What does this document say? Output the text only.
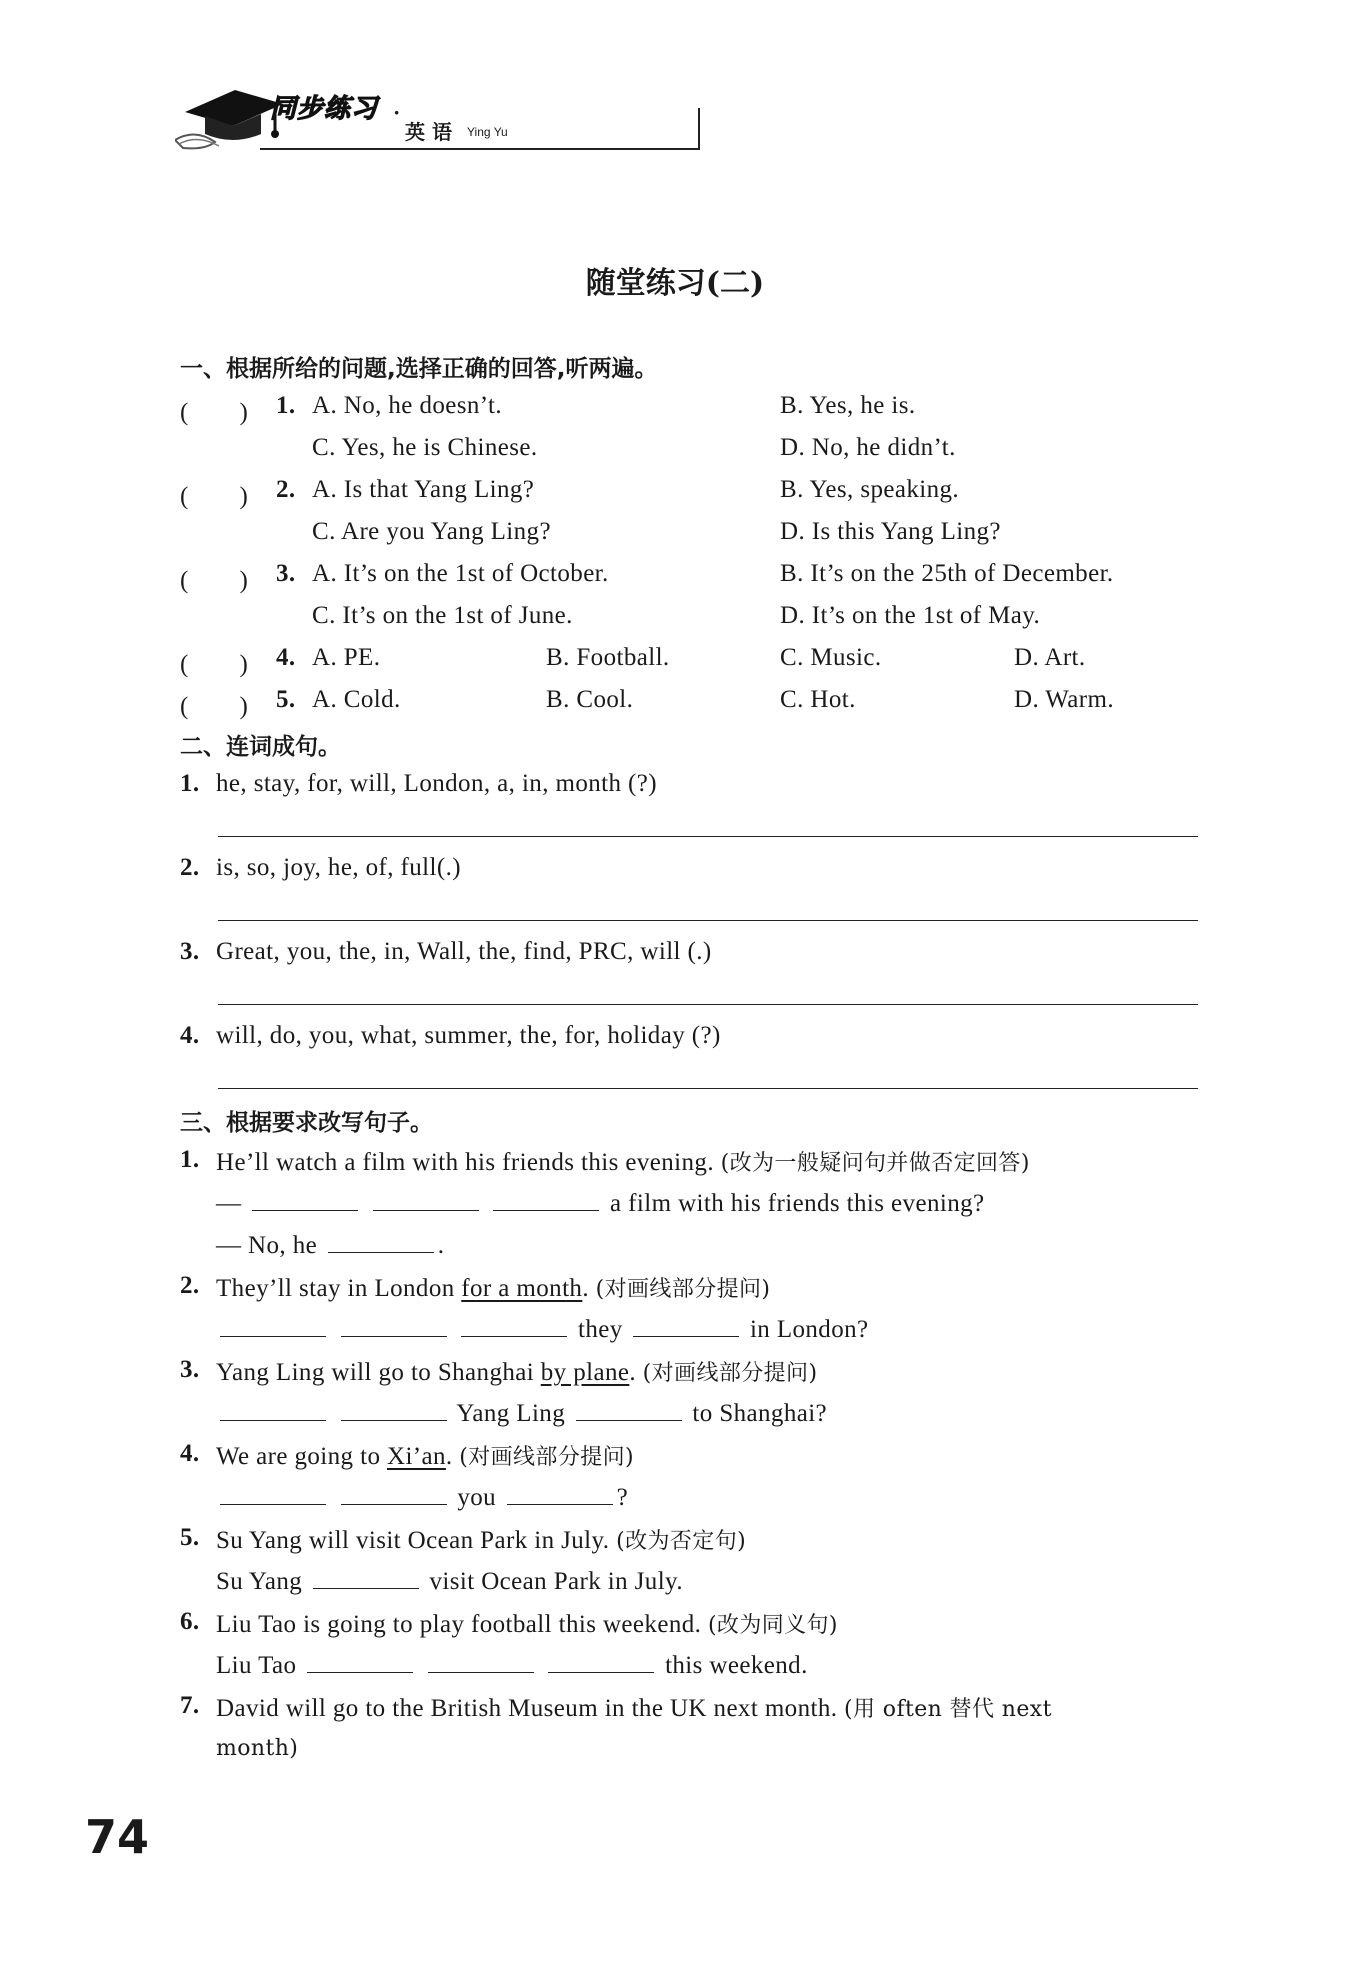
同步练习 ·
英 语 Ying Yu
随堂练习(二)
一、根据所给的问题,选择正确的回答,听两遍。
(　　) 1. A. No, he doesn’t.	B. Yes, he is.
C. Yes, he is Chinese.	D. No, he didn’t.
(　　) 2. A. Is that Yang Ling?	B. Yes, speaking.
C. Are you Yang Ling?	D. Is this Yang Ling?
(　　) 3. A. It’s on the 1st of October.	B. It’s on the 25th of December.
C. It’s on the 1st of June.	D. It’s on the 1st of May.
(　　) 4. A. PE.	B. Football.	C. Music.	D. Art.
(　　) 5. A. Cold.	B. Cool.	C. Hot.	D. Warm.
二、连词成句。
1. he, stay, for, will, London, a, in, month (?)
2. is, so, joy, he, of, full(.)
3. Great, you, the, in, Wall, the, find, PRC, will (.)
4. will, do, you, what, summer, the, for, holiday (?)
三、根据要求改写句子。
1. He’ll watch a film with his friends this evening. (改为一般疑问句并做否定回答)
—	a film with his friends this evening?
— No, he	.
2. They’ll stay in London for a month. (对画线部分提问)
they	in London?
3. Yang Ling will go to Shanghai by plane. (对画线部分提问)
Yang Ling	to Shanghai?
4. We are going to Xi’an. (对画线部分提问)
you	?
5. Su Yang will visit Ocean Park in July. (改为否定句)
Su Yang	visit Ocean Park in July.
6. Liu Tao is going to play football this weekend. (改为同义句)
Liu Tao	this weekend.
7. David will go to the British Museum in the UK next month. (用 often 替代 next
month)
74
